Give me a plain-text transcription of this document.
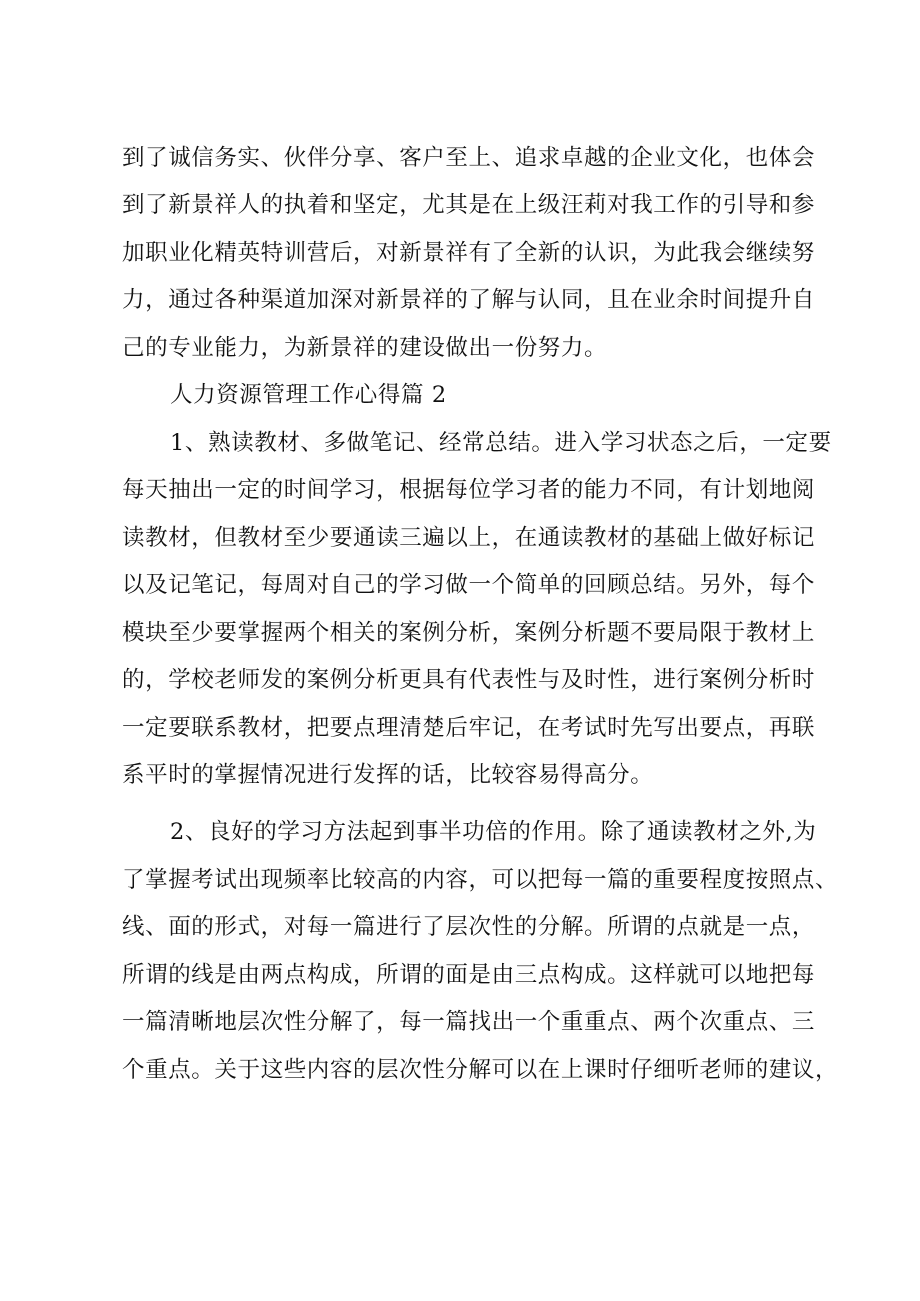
到了诚信务实、伙伴分享、客户至上、追求卓越的企业文化，也体会
到了新景祥人的执着和坚定，尤其是在上级汪莉对我工作的引导和参
加职业化精英特训营后，对新景祥有了全新的认识，为此我会继续努
力，通过各种渠道加深对新景祥的了解与认同，且在业余时间提升自
己的专业能力，为新景祥的建设做出一份努力。
人力资源管理工作心得篇 2
1、熟读教材、多做笔记、经常总结。进入学习状态之后，一定要
每天抽出一定的时间学习，根据每位学习者的能力不同，有计划地阅
读教材，但教材至少要通读三遍以上，在通读教材的基础上做好标记
以及记笔记，每周对自己的学习做一个简单的回顾总结。另外，每个
模块至少要掌握两个相关的案例分析，案例分析题不要局限于教材上
的，学校老师发的案例分析更具有代表性与及时性，进行案例分析时
一定要联系教材，把要点理清楚后牢记，在考试时先写出要点，再联
系平时的掌握情况进行发挥的话，比较容易得高分。
2、良好的学习方法起到事半功倍的作用。除了通读教材之外,为
了掌握考试出现频率比较高的内容，可以把每一篇的重要程度按照点、
线、面的形式，对每一篇进行了层次性的分解。所谓的点就是一点，
所谓的线是由两点构成，所谓的面是由三点构成。这样就可以地把每
一篇清晰地层次性分解了，每一篇找出一个重重点、两个次重点、三
个重点。关于这些内容的层次性分解可以在上课时仔细听老师的建议，
